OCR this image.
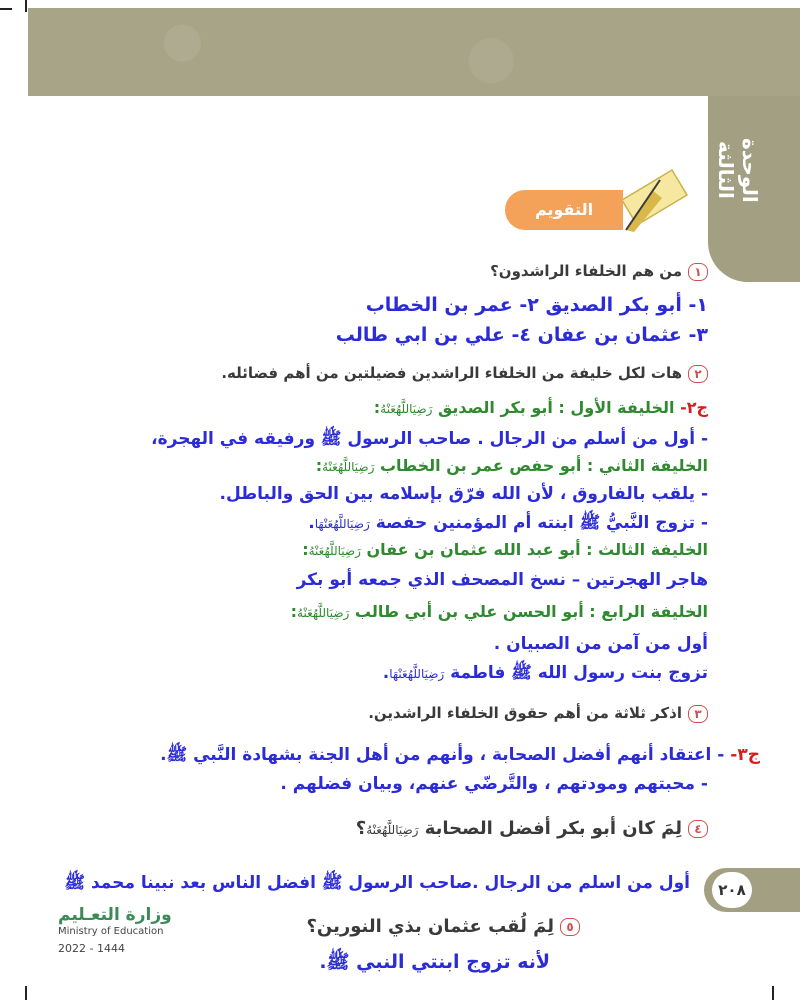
الوحدة الثالثة
التقويم
١من هم الخلفاء الراشدون؟
١- أبو بكر الصديق ٢- عمر بن الخطاب
٣- عثمان بن عفان ٤- علي بن ابي طالب
٢هات لكل خليفة من الخلفاء الراشدين فضيلتين من أهم فضائله.
ج٢- الخليفة الأول : أبو بكر الصديق رَضِيَاللَّهُعَنْهُ:
- أول من أسلم من الرجال . صاحب الرسول ﷺ ورفيقه في الهجرة،
الخليفة الثاني : أبو حفص عمر بن الخطاب رَضِيَاللَّهُعَنْهُ:
- يلقب بالفاروق ، لأن الله فرّق بإسلامه بين الحق والباطل.
- تزوج النَّبيُّ ﷺ ابنته أم المؤمنين حفصة رَضِيَاللَّهُعَنْهَا.
الخليفة الثالث : أبو عبد الله عثمان بن عفان رَضِيَاللَّهُعَنْهُ:
هاجر الهجرتين – نسخ المصحف الذي جمعه أبو بكر
الخليفة الرابع : أبو الحسن علي بن أبي طالب رَضِيَاللَّهُعَنْهُ:
أول من آمن من الصبيان .
تزوج بنت رسول الله ﷺ فاطمة رَضِيَاللَّهُعَنْهَا.
٣اذكر ثلاثة من أهم حقوق الخلفاء الراشدين.
ج٣- - اعتقاد أنهم أفضل الصحابة ، وأنهم من أهل الجنة بشهادة النَّبي ﷺ.
- محبتهم ومودتهم ، والتَّرضّي عنهم، وبيان فضلهم .
٤لِمَ كان أبو بكر أفضل الصحابة رَضِيَاللَّهُعَنْهُ؟
أول من اسلم من الرجال .صاحب الرسول ﷺ افضل الناس بعد نبينا محمد ﷺ	٢٠٨
٥لِمَ لُقب عثمان بذي النورين؟
لأنه تزوج ابنتي النبي ﷺ.
وزارة التعـليم
Ministry of Education
2022 - 1444
